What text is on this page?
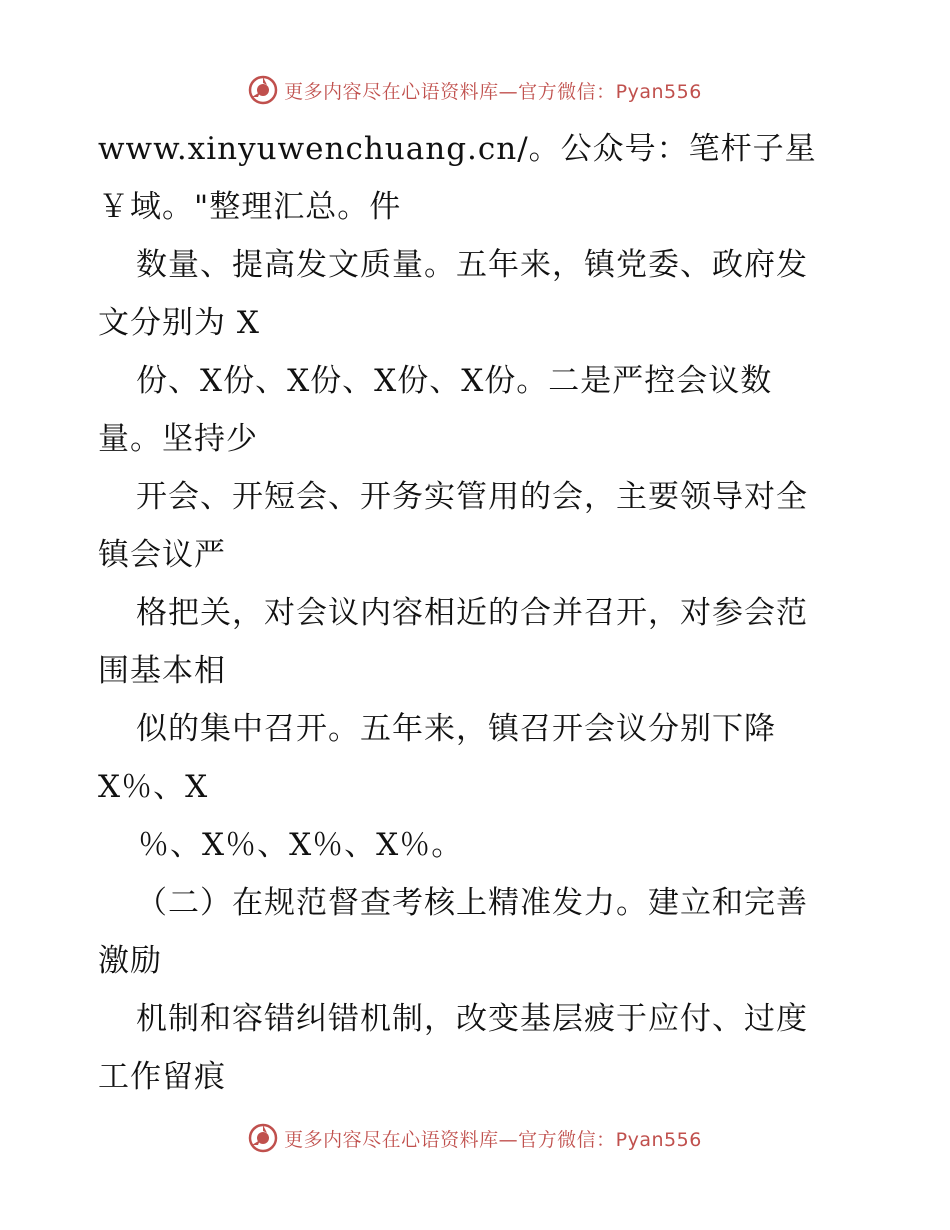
更多内容尽在心语资料库—官方微信：Pyan556
www.xinyuwenchuang.cn/。公众号：笔杆子星
￥域。"整理汇总。件
数量、提高发文质量。五年来，镇党委、政府发
文分别为 X
份、X份、X份、X份、X份。二是严控会议数
量。坚持少
开会、开短会、开务实管用的会，主要领导对全
镇会议严
格把关，对会议内容相近的合并召开，对参会范
围基本相
似的集中召开。五年来，镇召开会议分别下降
X％、X
％、X％、X％、X％。
（二）在规范督查考核上精准发力。建立和完善
激励
机制和容错纠错机制，改变基层疲于应付、过度
工作留痕
更多内容尽在心语资料库—官方微信：Pyan556
